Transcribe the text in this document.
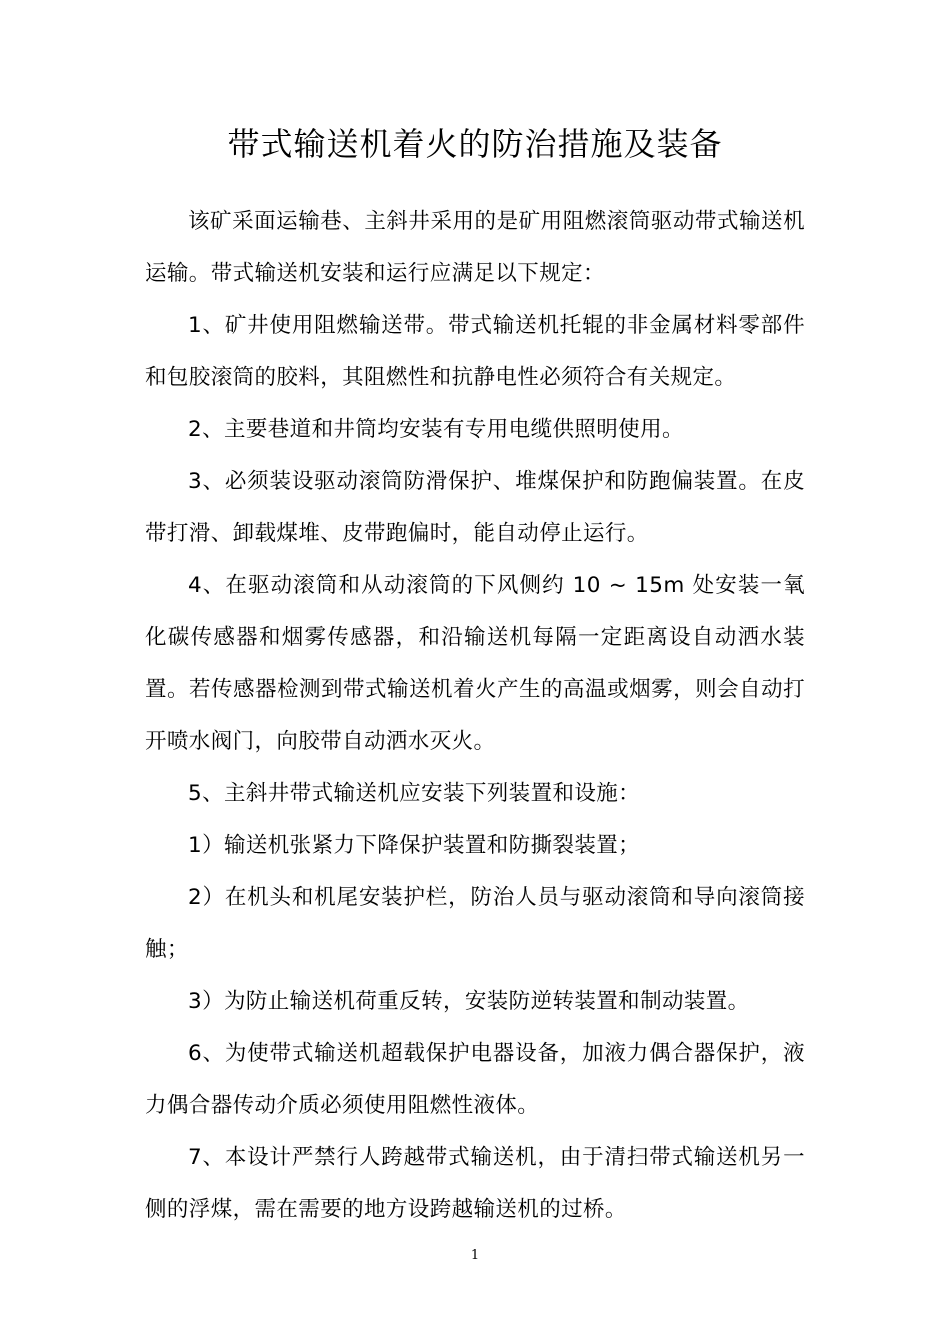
带式输送机着火的防治措施及装备

该矿采面运输巷、主斜井采用的是矿用阻燃滚筒驱动带式输送机运输。带式输送机安装和运行应满足以下规定：

1、矿井使用阻燃输送带。带式输送机托辊的非金属材料零部件和包胶滚筒的胶料，其阻燃性和抗静电性必须符合有关规定。

2、主要巷道和井筒均安装有专用电缆供照明使用。

3、必须装设驱动滚筒防滑保护、堆煤保护和防跑偏装置。在皮带打滑、卸载煤堆、皮带跑偏时，能自动停止运行。

4、在驱动滚筒和从动滚筒的下风侧约 10 ~ 15m 处安装一氧化碳传感器和烟雾传感器，和沿输送机每隔一定距离设自动洒水装置。若传感器检测到带式输送机着火产生的高温或烟雾，则会自动打开喷水阀门，向胶带自动洒水灭火。

5、主斜井带式输送机应安装下列装置和设施：

1）输送机张紧力下降保护装置和防撕裂装置；

2）在机头和机尾安装护栏，防治人员与驱动滚筒和导向滚筒接触；

3）为防止输送机荷重反转，安装防逆转装置和制动装置。

6、为使带式输送机超载保护电器设备，加液力偶合器保护，液力偶合器传动介质必须使用阻燃性液体。

7、本设计严禁行人跨越带式输送机，由于清扫带式输送机另一侧的浮煤，需在需要的地方设跨越输送机的过桥。

1
